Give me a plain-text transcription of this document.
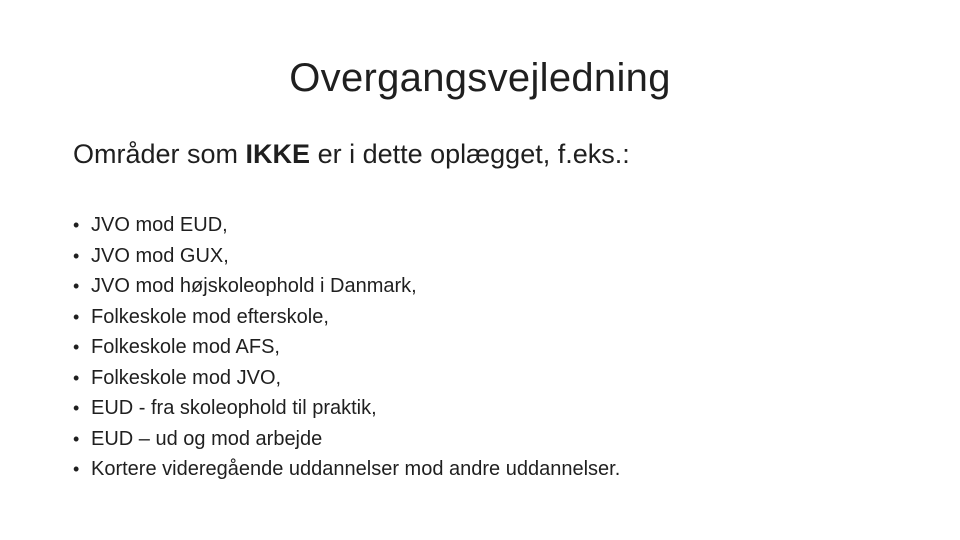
Overgangsvejledning

Områder som IKKE er i dette oplægget, f.eks.:

• JVO mod EUD,
• JVO mod GUX,
• JVO mod højskoleophold i Danmark,
• Folkeskole mod efterskole,
• Folkeskole mod AFS,
• Folkeskole mod JVO,
• EUD - fra skoleophold til praktik,
• EUD – ud og mod arbejde
• Kortere videregående uddannelser mod andre uddannelser.
